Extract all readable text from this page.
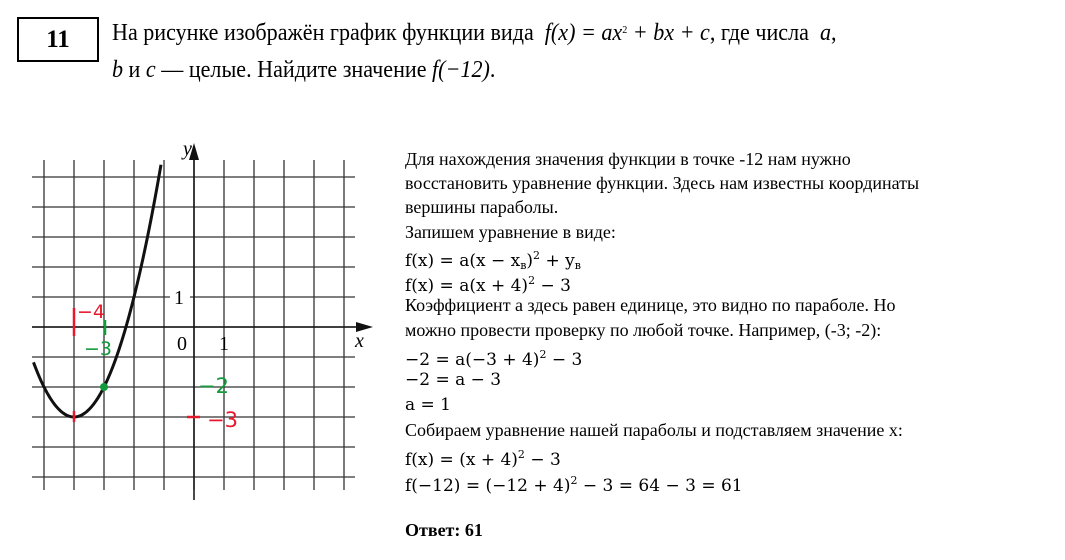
11	На рисунке изображён график функции вида $f(x) = ax^2$ + bx + c, где числа a,
b и c — целые. Найдите значение f(−12).
y
x
1
0 1
−4
−3
−2
−3
Для нахождения значения функции в точке -12 нам нужно
восстановить уравнение функции. Здесь нам известны координаты
вершины параболы.
Запишем уравнение в виде:
$f(x) = a(x - x_в)^2 + y_в$
$f(x) = a(x + 4)^2 - 3$
Коэффициент а здесь равен единице, это видно по параболе. Но
можно провести проверку по любой точке. Например, (-3; -2):
$-2 = a(-3 + 4)^2 - 3$
−2 = a − 3
a = 1
Собираем уравнение нашей параболы и подставляем значение х:
$f(x) = (x + 4)^2 - 3$
$f(-12) = (-12 + 4)^2 - 3 = 64 - 3 = 61$
Ответ: 61
